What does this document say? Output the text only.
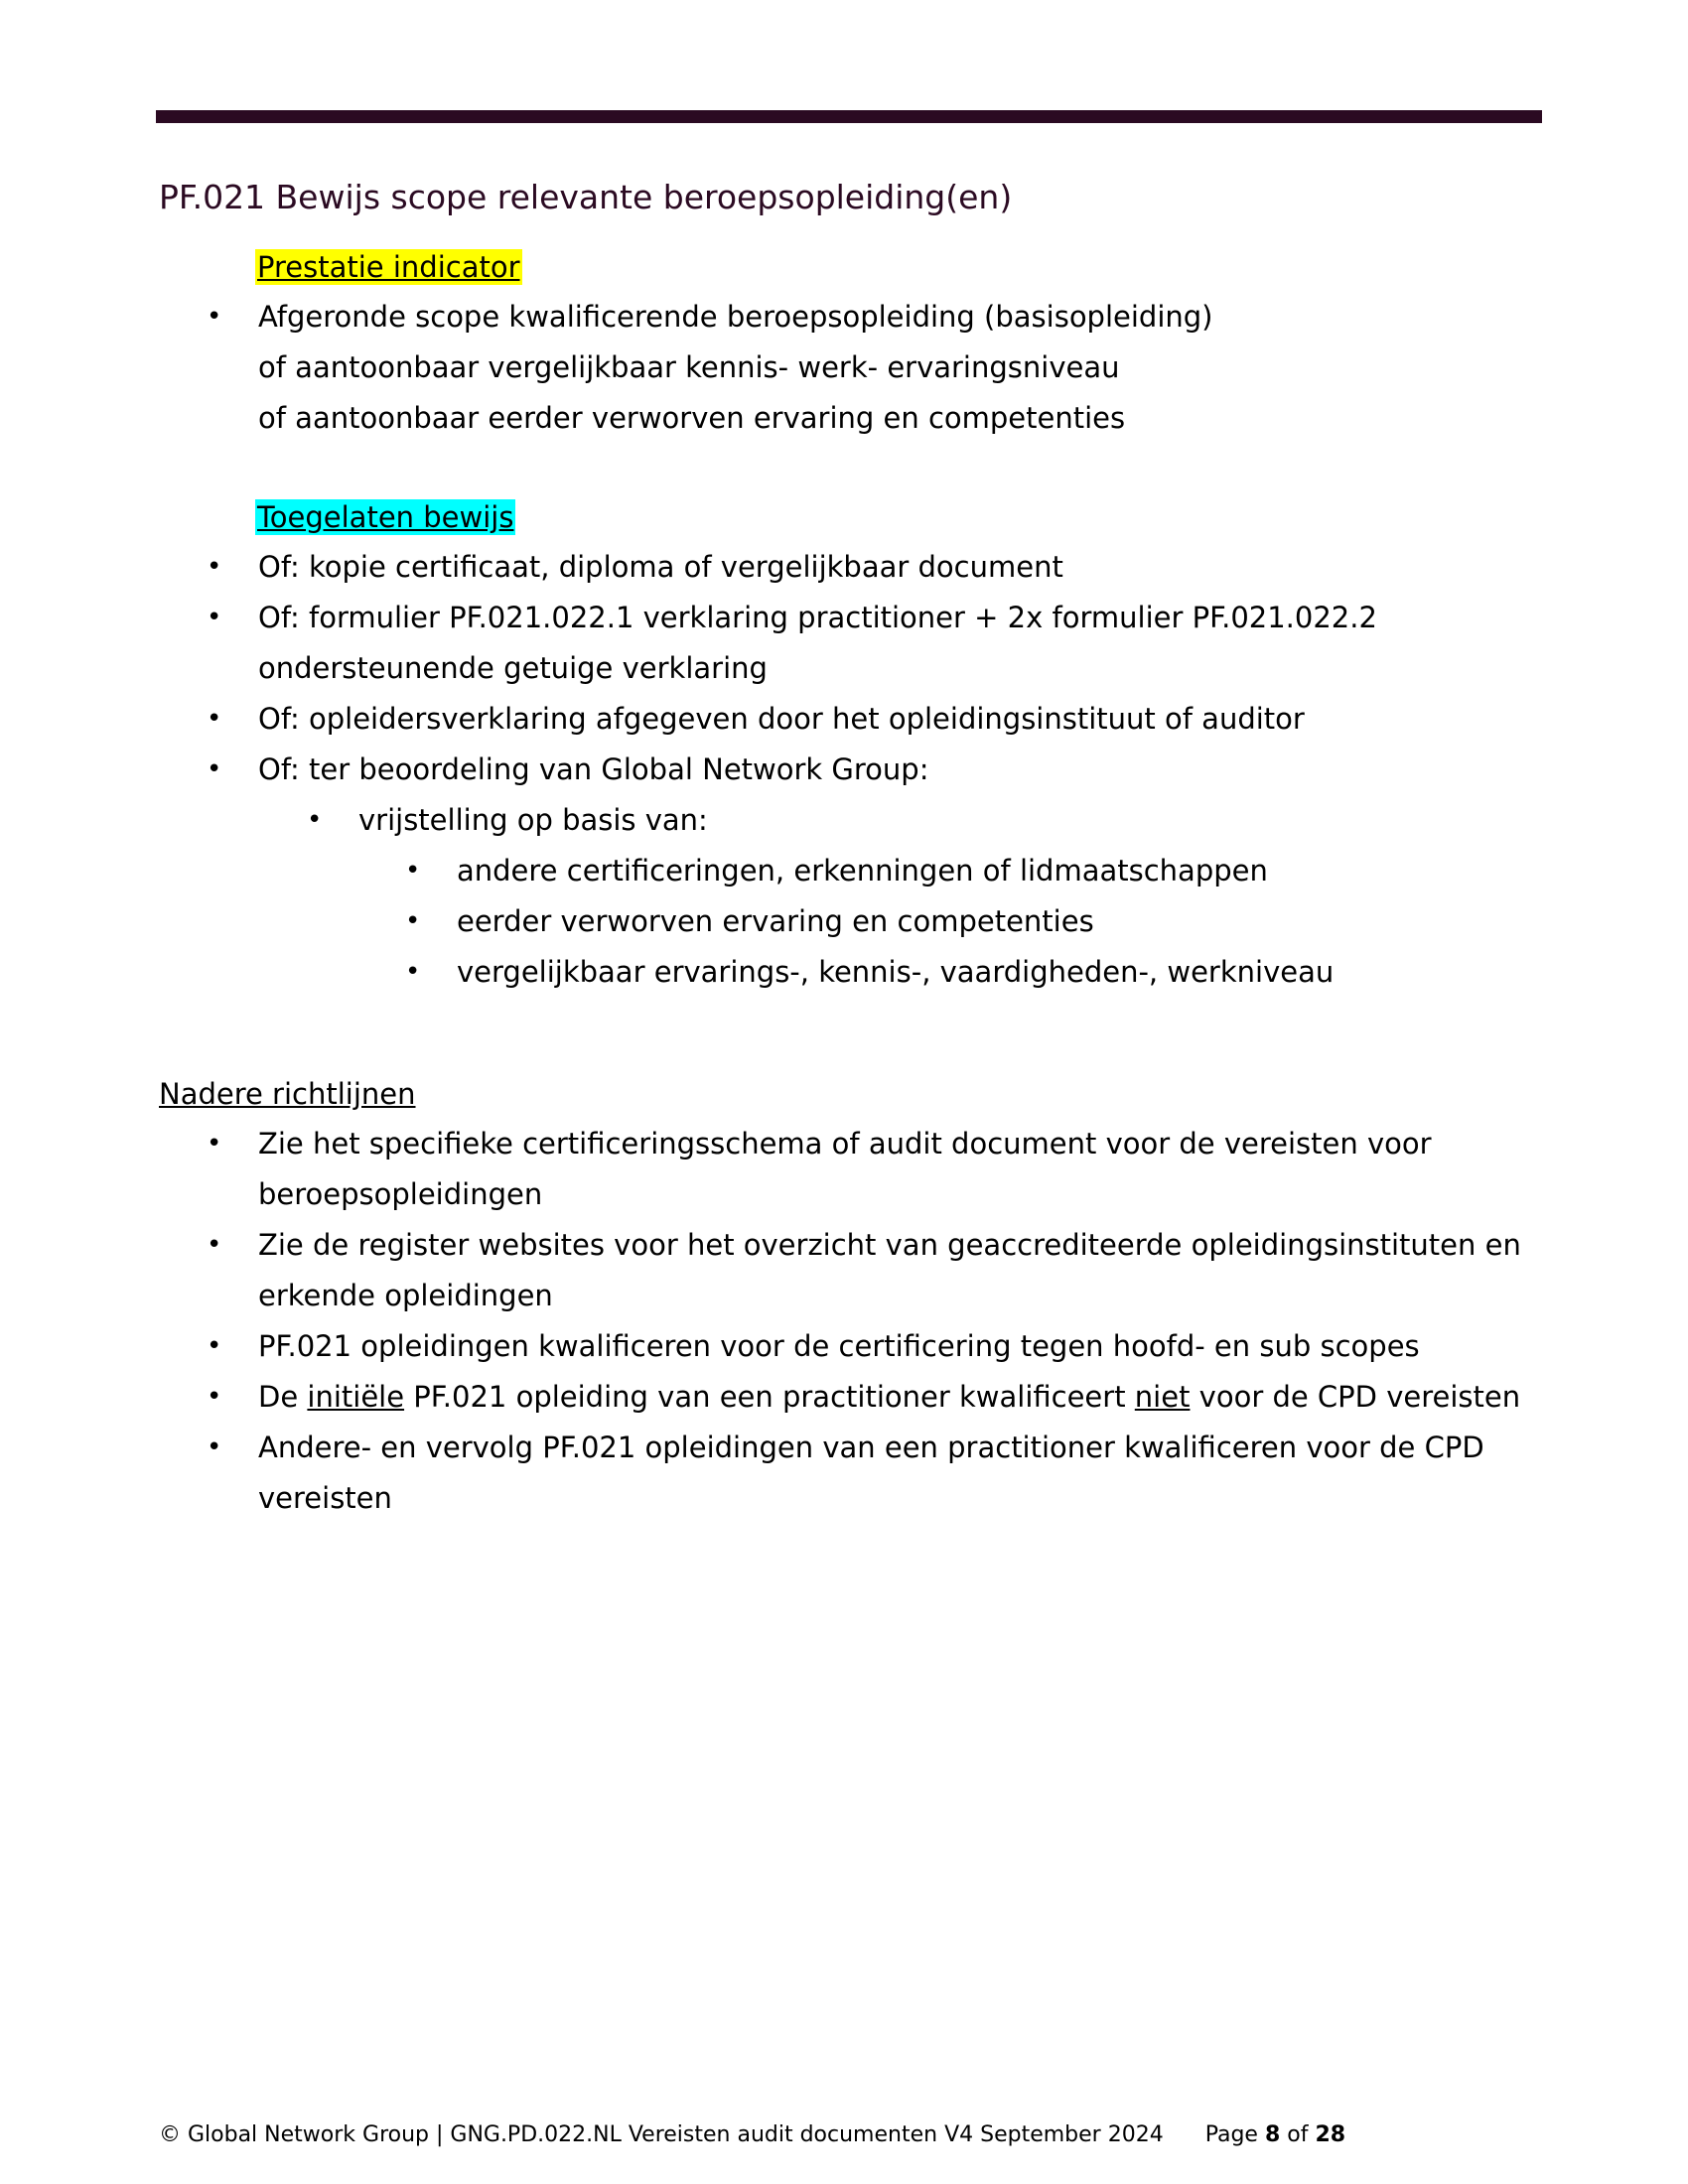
PF.021 Bewijs scope relevante beroepsopleiding(en)
Prestatie indicator
• Afgeronde scope kwalificerende beroepsopleiding (basisopleiding)
of aantoonbaar vergelijkbaar kennis- werk- ervaringsniveau
of aantoonbaar eerder verworven ervaring en competenties
Toegelaten bewijs
• Of: kopie certificaat, diploma of vergelijkbaar document
• Of: formulier PF.021.022.1 verklaring practitioner + 2x formulier PF.021.022.2
ondersteunende getuige verklaring
• Of: opleidersverklaring afgegeven door het opleidingsinstituut of auditor
• Of: ter beoordeling van Global Network Group:
• vrijstelling op basis van:
• andere certificeringen, erkenningen of lidmaatschappen
• eerder verworven ervaring en competenties
• vergelijkbaar ervarings-, kennis-, vaardigheden-, werkniveau
Nadere richtlijnen
• Zie het specifieke certificeringsschema of audit document voor de vereisten voor
beroepsopleidingen
• Zie de register websites voor het overzicht van geaccrediteerde opleidingsinstituten en
erkende opleidingen
• PF.021 opleidingen kwalificeren voor de certificering tegen hoofd- en sub scopes
• De initiële PF.021 opleiding van een practitioner kwalificeert niet voor de CPD vereisten
• Andere- en vervolg PF.021 opleidingen van een practitioner kwalificeren voor de CPD
vereisten
© Global Network Group | GNG.PD.022.NL Vereisten audit documenten V4 September 2024 Page 8 of 28
